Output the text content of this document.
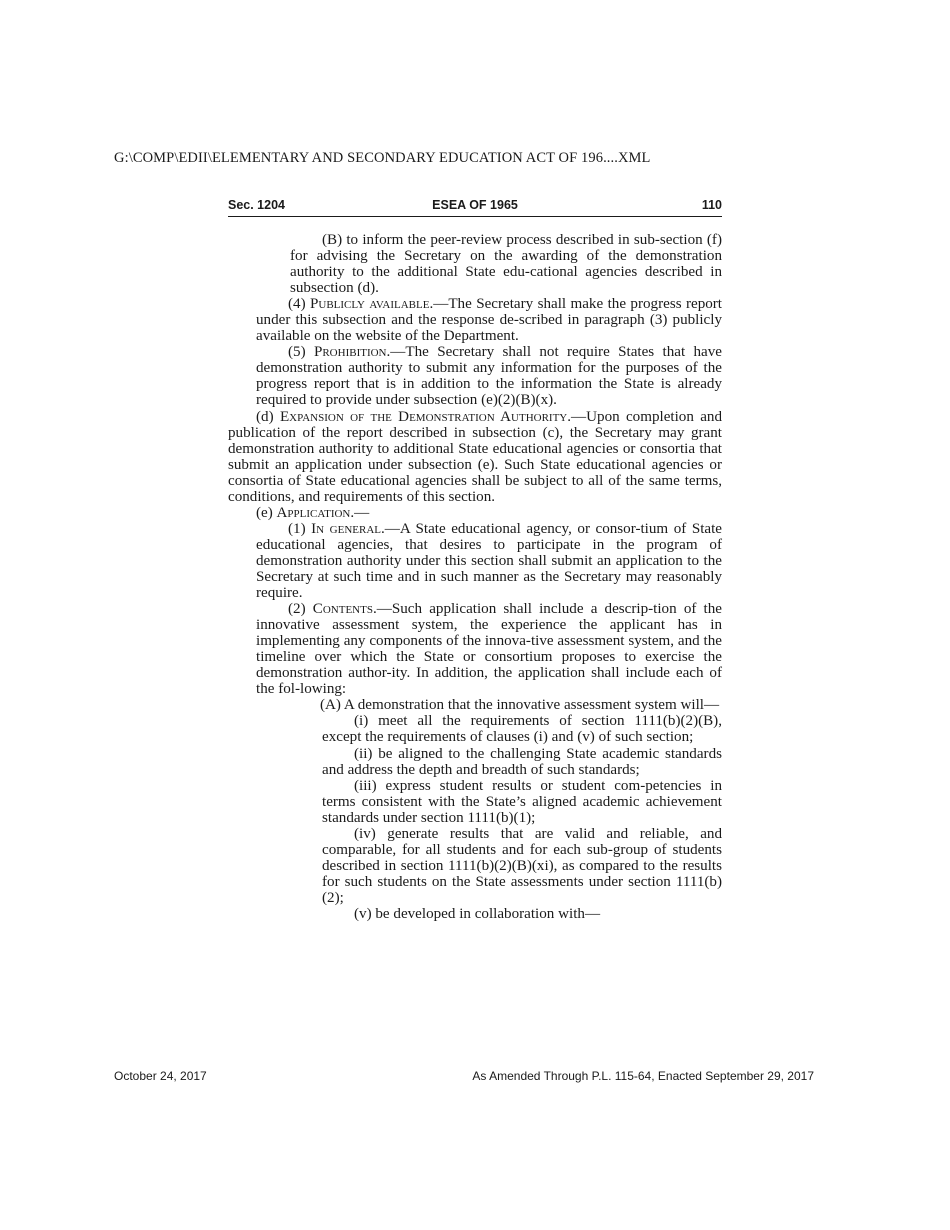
G:\COMP\EDII\ELEMENTARY AND SECONDARY EDUCATION ACT OF 196....XML
Sec. 1204	ESEA OF 1965	110

(B) to inform the peer-review process described in sub-section (f) for advising the Secretary on the awarding of the demonstration authority to the additional State edu-cational agencies described in subsection (d).

(4) Publicly available.—The Secretary shall make the progress report under this subsection and the response de-scribed in paragraph (3) publicly available on the website of the Department.

(5) Prohibition.—The Secretary shall not require States that have demonstration authority to submit any information for the purposes of the progress report that is in addition to the information the State is already required to provide under subsection (e)(2)(B)(x).

(d) Expansion of the Demonstration Authority.—Upon completion and publication of the report described in subsection (c), the Secretary may grant demonstration authority to additional State educational agencies or consortia that submit an application under subsection (e). Such State educational agencies or consortia of State educational agencies shall be subject to all of the same terms, conditions, and requirements of this section.

(e) Application.—

(1) In general.—A State educational agency, or consor-tium of State educational agencies, that desires to participate in the program of demonstration authority under this section shall submit an application to the Secretary at such time and in such manner as the Secretary may reasonably require.

(2) Contents.—Such application shall include a descrip-tion of the innovative assessment system, the experience the applicant has in implementing any components of the innova-tive assessment system, and the timeline over which the State or consortium proposes to exercise the demonstration author-ity. In addition, the application shall include each of the fol-lowing:

(A) A demonstration that the innovative assessment system will—

(i) meet all the requirements of section 1111(b)(2)(B), except the requirements of clauses (i) and (v) of such section;

(ii) be aligned to the challenging State academic standards and address the depth and breadth of such standards;

(iii) express student results or student com-petencies in terms consistent with the State’s aligned academic achievement standards under section 1111(b)(1);

(iv) generate results that are valid and reliable, and comparable, for all students and for each sub-group of students described in section 1111(b)(2)(B)(xi), as compared to the results for such students on the State assessments under section 1111(b)(2);

(v) be developed in collaboration with—

October 24, 2017	As Amended Through P.L. 115-64, Enacted September 29, 2017
